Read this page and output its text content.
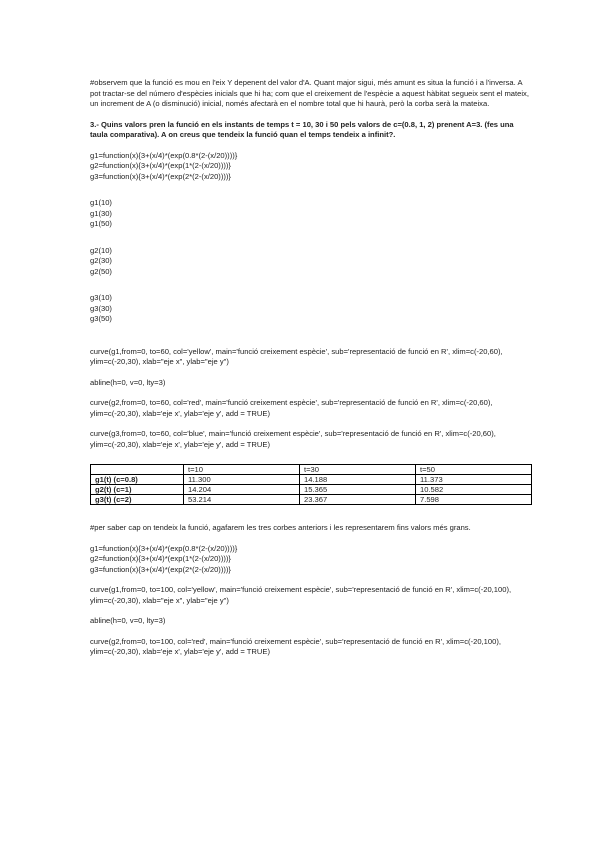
#observem que la funció es mou en l'eix Y depenent del valor d'A. Quant major sigui, més amunt es situa la funció i a l'inversa. A pot tractar-se del número d'espècies inicials que hi ha; com que el creixement de l'espècie a aquest hàbitat segueix sent el mateix, un increment de A (o disminució) inicial, només afectarà en el nombre total que hi haurà, però la corba serà la mateixa.

3.- Quins valors pren la funció en els instants de temps t = 10, 30 i 50 pels valors de c=(0.8, 1, 2) prenent A=3. (fes una taula comparativa). A on creus que tendeix la funció quan el temps tendeix a infinit?.

g1=function(x){3+(x/4)*(exp(0.8*(2-(x/20))))}

g2=function(x){3+(x/4)*(exp(1*(2-(x/20))))}

g3=function(x){3+(x/4)*(exp(2*(2-(x/20))))}

g1(10)

g1(30)

g1(50)

g2(10)

g2(30)

g2(50)

g3(10)

g3(30)

g3(50)

curve(g1,from=0, to=60, col='yellow', main='funció creixement espècie', sub='representació de funció en R', xlim=c(-20,60), ylim=c(-20,30), xlab="eje x", ylab="eje y")

abline(h=0, v=0, lty=3)

curve(g2,from=0, to=60, col='red', main='funció creixement espècie', sub='representació de funció en R', xlim=c(-20,60), ylim=c(-20,30), xlab='eje x', ylab='eje y', add = TRUE)

curve(g3,from=0, to=60, col='blue', main='funció creixement espècie', sub='representació de funció en R', xlim=c(-20,60), ylim=c(-20,30), xlab='eje x', ylab='eje y', add = TRUE)

	t=10	t=30	t=50
g1(t) (c=0.8)	11.300	14.188	11.373
g2(t) (c=1)	14.204	15.365	10.582
g3(t) (c=2)	53.214	23.367	7.598

#per saber cap on tendeix la funció, agafarem les tres corbes anteriors i les representarem fins valors més grans.

g1=function(x){3+(x/4)*(exp(0.8*(2-(x/20))))}

g2=function(x){3+(x/4)*(exp(1*(2-(x/20))))}

g3=function(x){3+(x/4)*(exp(2*(2-(x/20))))}

curve(g1,from=0, to=100, col='yellow', main='funció creixement espècie', sub='representació de funció en R', xlim=c(-20,100), ylim=c(-20,30), xlab="eje x", ylab="eje y")

abline(h=0, v=0, lty=3)

curve(g2,from=0, to=100, col='red', main='funció creixement espècie', sub='representació de funció en R', xlim=c(-20,100), ylim=c(-20,30), xlab='eje x', ylab='eje y', add = TRUE)
